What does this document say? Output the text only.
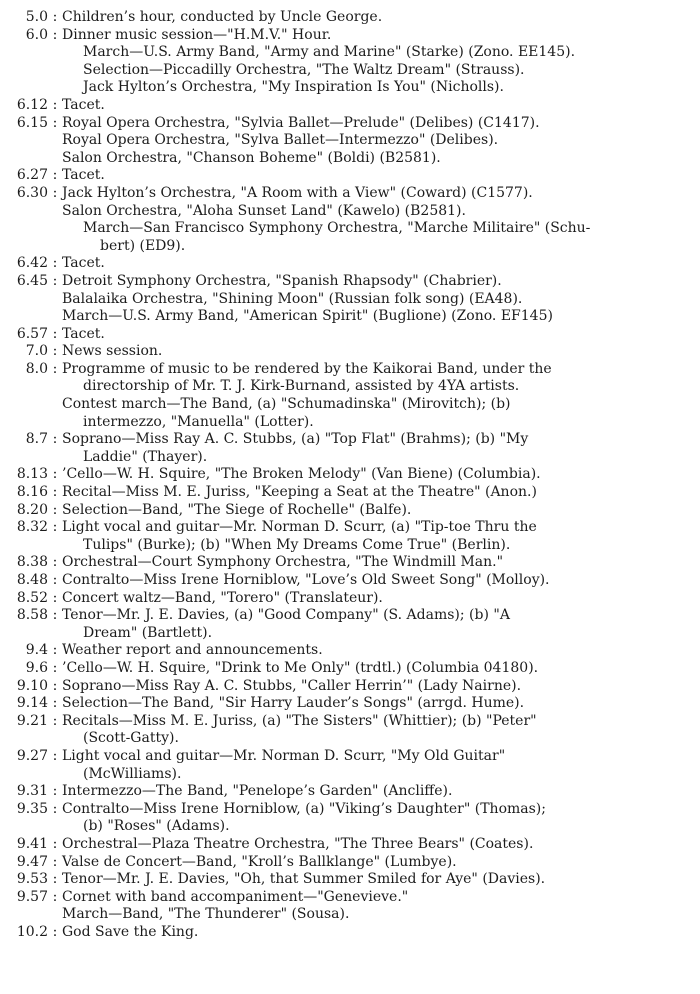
5.0 : Children’s hour, conducted by Uncle George.
6.0 : Dinner music session—"H.M.V." Hour.
March—U.S. Army Band, "Army and Marine" (Starke) (Zono. EE145).
Selection—Piccadilly Orchestra, "The Waltz Dream" (Strauss).
Jack Hylton’s Orchestra, "My Inspiration Is You" (Nicholls).
6.12 : Tacet.
6.15 : Royal Opera Orchestra, "Sylvia Ballet—Prelude" (Delibes) (C1417).
Royal Opera Orchestra, "Sylva Ballet—Intermezzo" (Delibes).
Salon Orchestra, "Chanson Boheme" (Boldi) (B2581).
6.27 : Tacet.
6.30 : Jack Hylton’s Orchestra, "A Room with a View" (Coward) (C1577).
Salon Orchestra, "Aloha Sunset Land" (Kawelo) (B2581).
March—San Francisco Symphony Orchestra, "Marche Militaire" (Schu-
bert) (ED9).
6.42 : Tacet.
6.45 : Detroit Symphony Orchestra, "Spanish Rhapsody" (Chabrier).
Balalaika Orchestra, "Shining Moon" (Russian folk song) (EA48).
March—U.S. Army Band, "American Spirit" (Buglione) (Zono. EF145)
6.57 : Tacet.
7.0 : News session.
8.0 : Programme of music to be rendered by the Kaikorai Band, under the
directorship of Mr. T. J. Kirk-Burnand, assisted by 4YA artists.
Contest march—The Band, (a) "Schumadinska" (Mirovitch); (b)
intermezzo, "Manuella" (Lotter).
8.7 : Soprano—Miss Ray A. C. Stubbs, (a) "Top Flat" (Brahms); (b) "My
Laddie" (Thayer).
8.13 : ’Cello—W. H. Squire, "The Broken Melody" (Van Biene) (Columbia).
8.16 : Recital—Miss M. E. Juriss, "Keeping a Seat at the Theatre" (Anon.)
8.20 : Selection—Band, "The Siege of Rochelle" (Balfe).
8.32 : Light vocal and guitar—Mr. Norman D. Scurr, (a) "Tip-toe Thru the
Tulips" (Burke); (b) "When My Dreams Come True" (Berlin).
8.38 : Orchestral—Court Symphony Orchestra, "The Windmill Man."
8.48 : Contralto—Miss Irene Horniblow, "Love’s Old Sweet Song" (Molloy).
8.52 : Concert waltz—Band, "Torero" (Translateur).
8.58 : Tenor—Mr. J. E. Davies, (a) "Good Company" (S. Adams); (b) "A
Dream" (Bartlett).
9.4 : Weather report and announcements.
9.6 : ’Cello—W. H. Squire, "Drink to Me Only" (trdtl.) (Columbia 04180).
9.10 : Soprano—Miss Ray A. C. Stubbs, "Caller Herrin’" (Lady Nairne).
9.14 : Selection—The Band, "Sir Harry Lauder’s Songs" (arrgd. Hume).
9.21 : Recitals—Miss M. E. Juriss, (a) "The Sisters" (Whittier); (b) "Peter"
(Scott-Gatty).
9.27 : Light vocal and guitar—Mr. Norman D. Scurr, "My Old Guitar"
(McWilliams).
9.31 : Intermezzo—The Band, "Penelope’s Garden" (Ancliffe).
9.35 : Contralto—Miss Irene Horniblow, (a) "Viking’s Daughter" (Thomas);
(b) "Roses" (Adams).
9.41 : Orchestral—Plaza Theatre Orchestra, "The Three Bears" (Coates).
9.47 : Valse de Concert—Band, "Kroll’s Ballklange" (Lumbye).
9.53 : Tenor—Mr. J. E. Davies, "Oh, that Summer Smiled for Aye" (Davies).
9.57 : Cornet with band accompaniment—"Genevieve."
March—Band, "The Thunderer" (Sousa).
10.2 : God Save the King.
